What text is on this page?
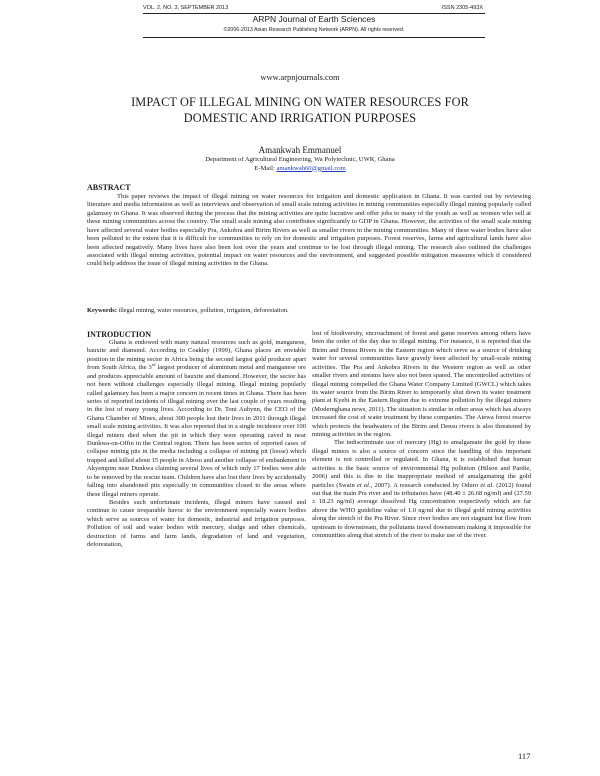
VOL. 2, NO. 3, SEPTEMBER 2013	ISSN 2305-493X
ARPN Journal of Earth Sciences
©2006-2013 Asian Research Publishing Network (ARPN). All rights reserved.
www.arpnjournals.com
IMPACT OF ILLEGAL MINING ON WATER RESOURCES FOR
DOMESTIC AND IRRIGATION PURPOSES
Amankwah Emmanuel
Department of Agricultural Engineering, Wa Polytechnic, UWR, Ghana
E-Mail: amankwah60@gmail.com
ABSTRACT

This paper reviews the impact of illegal mining on water resources for irrigation and domestic application in Ghana. It was carried out by reviewing literature and media information as well as interviews and observation of small scale mining activities in mining communities especially illegal mining popularly called galamsey in Ghana. It was observed during the process that the mining activities are quite lucrative and offer jobs to many of the youth as well as women who sell at these mining communities across the country. The small scale mining also contributes significantly to GDP in Ghana. However, the activities of the small scale mining have affected several water bodies especially Pra, Ankobra and Birim Rivers as well as smaller rivers in the mining communities. Many of these water bodies have also been polluted to the extent that it is difficult for communities to rely on for domestic and irrigation purposes. Forest reserves, farms and agricultural lands have also been affected negatively. Many lives have also been lost over the years and continue to be lost through illegal mining. The research also outlined the challenges associated with illegal mining activities, potential impact on water resources and the environment, and suggested possible mitigation measures which if considered could help address the issue of illegal mining activities in the Ghana.

Keywords: illegal mining, water resources, pollution, irrigation, deforestation.
INTRODUCTION

Ghana is endowed with many natural resources such as gold, manganese, bauxite and diamond. According to Coakley (1999), Ghana places an enviable position in the mining sector in Africa being the second largest gold producer apart from South Africa, the 3rd largest producer of aluminium metal and manganese ore and produces appreciable amount of bauxite and diamond. However, the sector has not been without challenges especially illegal mining. Illegal mining popularly called galamsey has been a major concern in recent times in Ghana. There has been series of reported incidents of illegal mining over the last couple of years resulting in the lost of many young lives. According to Dr. Toni Aubynn, the CEO of the Ghana Chamber of Mines, about 300 people lost their lives in 2011 through illegal small scale mining activities. It was also reported that in a single incidence over 100 illegal miners died when the pit in which they were operating caved in near Dunkwa-on-Offin in the Central region. There has been series of reported cases of collapse mining pits in the media including a collapse of mining pit (loose) which trapped and killed about 15 people in Aboso and another collapse of embankment in Akyempim near Dunkwa claiming several lives of which only 17 bodies were able to be removed by the rescue team. Children have also lost their lives by accidentally falling into abandoned pits especially in communities closed to the areas where these illegal miners operate.

Besides such unfortunate incidents, illegal miners have caused and continue to cause irreparable havoc to the environment especially waters bodies which serve as sources of water for domestic, industrial and irrigation purposes. Pollution of soil and water bodies with mercury, sludge and other chemicals, destruction of farms and farm lands, degradation of land and vegetation, deforestation,

lost of biodiversity, encroachment of forest and game reserves among others have been the order of the day due to illegal mining. For instance, it is reported that the Birim and Densu Rivers in the Eastern region which serve as a source of drinking water for several communities have gravely been affected by small-scale mining activities. The Pra and Ankobra Rivers in the Western region as well as other smaller rivers and streams have also not been spared. The uncontrolled activities of illegal mining compelled the Ghana Water Company Limited (GWCL) which takes its water source from the Birim River to temporarily shut down its water treatment plant at Kyebi in the Eastern Region due to extreme pollution by the illegal miners (Modernghana news, 2011). The situation is similar in other areas which has always increased the cost of water treatment by these companies. The Atewa forest reserve which protects the headwaters of the Birim and Densu rivers is also threatened by mining activities in the region.

The indiscriminate use of mercury (Hg) to amalgamate the gold by these illegal miners is also a source of concern since the handling of this important element is not controlled or regulated. In Ghana, it is established that human activities is the basic source of environmental Hg pollution (Hilson and Pardie, 2006) and this is due to the inappropriate method of amalgamating the gold particles (Swain et al., 2007). A research conducted by Oduro et al. (2012) found out that the main Pra river and its tributaries have (48.40 ± 26.68 ng/ml) and (27.59 ± 18.23 ng/ml) average dissolved Hg concentration respectively which are far above the WHO guideline value of 1.0 ng/ml due to illegal gold mining activities along the stretch of the Pra River. Since river bodies are not stagnant but flow from upstream to downstream, the pollutants travel downstream making it impossible for communities along that stretch of the river to make use of the river.

117
